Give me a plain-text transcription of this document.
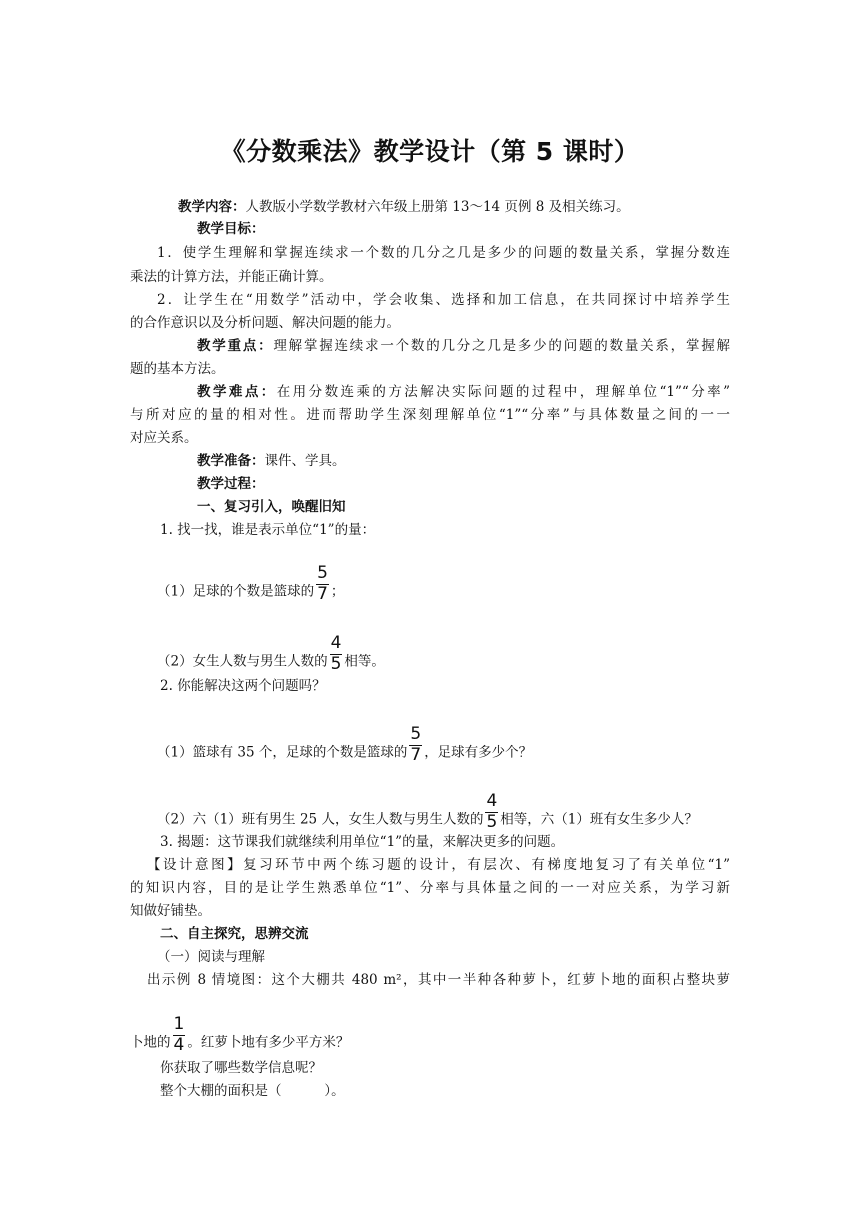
《分数乘法》教学设计（第 5 课时）
教学内容：人教版小学数学教材六年级上册第 13～14 页例 8 及相关练习。
教学目标：
1．使学生理解和掌握连续求一个数的几分之几是多少的问题的数量关系，掌握分数连
乘法的计算方法，并能正确计算。
2．让学生在“用数学”活动中，学会收集、选择和加工信息，在共同探讨中培养学生
的合作意识以及分析问题、解决问题的能力。
教学重点：理解掌握连续求一个数的几分之几是多少的问题的数量关系，掌握解
题的基本方法。
教学难点：在用分数连乘的方法解决实际问题的过程中，理解单位“1”“分率”
与所对应的量的相对性。进而帮助学生深刻理解单位“1”“分率”与具体数量之间的一一
对应关系。
教学准备：课件、学具。
教学过程：
一、复习引入，唤醒旧知
1. 找一找，谁是表示单位“1”的量：
（1）足球的个数是篮球的 $\frac{5}{7}$ ；
（2）女生人数与男生人数的 $\frac{4}{5}$ 相等。
2. 你能解决这两个问题吗？
（1）篮球有 35 个，足球的个数是篮球的 $\frac{5}{7}$ ，足球有多少个？
（2）六（1）班有男生 25 人，女生人数与男生人数的 $\frac{4}{5}$ 相等，六（1）班有女生多少人？
3. 揭题：这节课我们就继续利用单位“1”的量，来解决更多的问题。
【设计意图】复习环节中两个练习题的设计，有层次、有梯度地复习了有关单位“1”
的知识内容，目的是让学生熟悉单位“1”、分率与具体量之间的一一对应关系，为学习新
知做好铺垫。
二、自主探究，思辨交流
（一）阅读与理解
出示例 8 情境图：这个大棚共 480 m²，其中一半种各种萝卜，红萝卜地的面积占整块萝
卜地的 $\frac{1}{4}$ 。红萝卜地有多少平方米？
你获取了哪些数学信息呢？
整个大棚的面积是（          ）。
